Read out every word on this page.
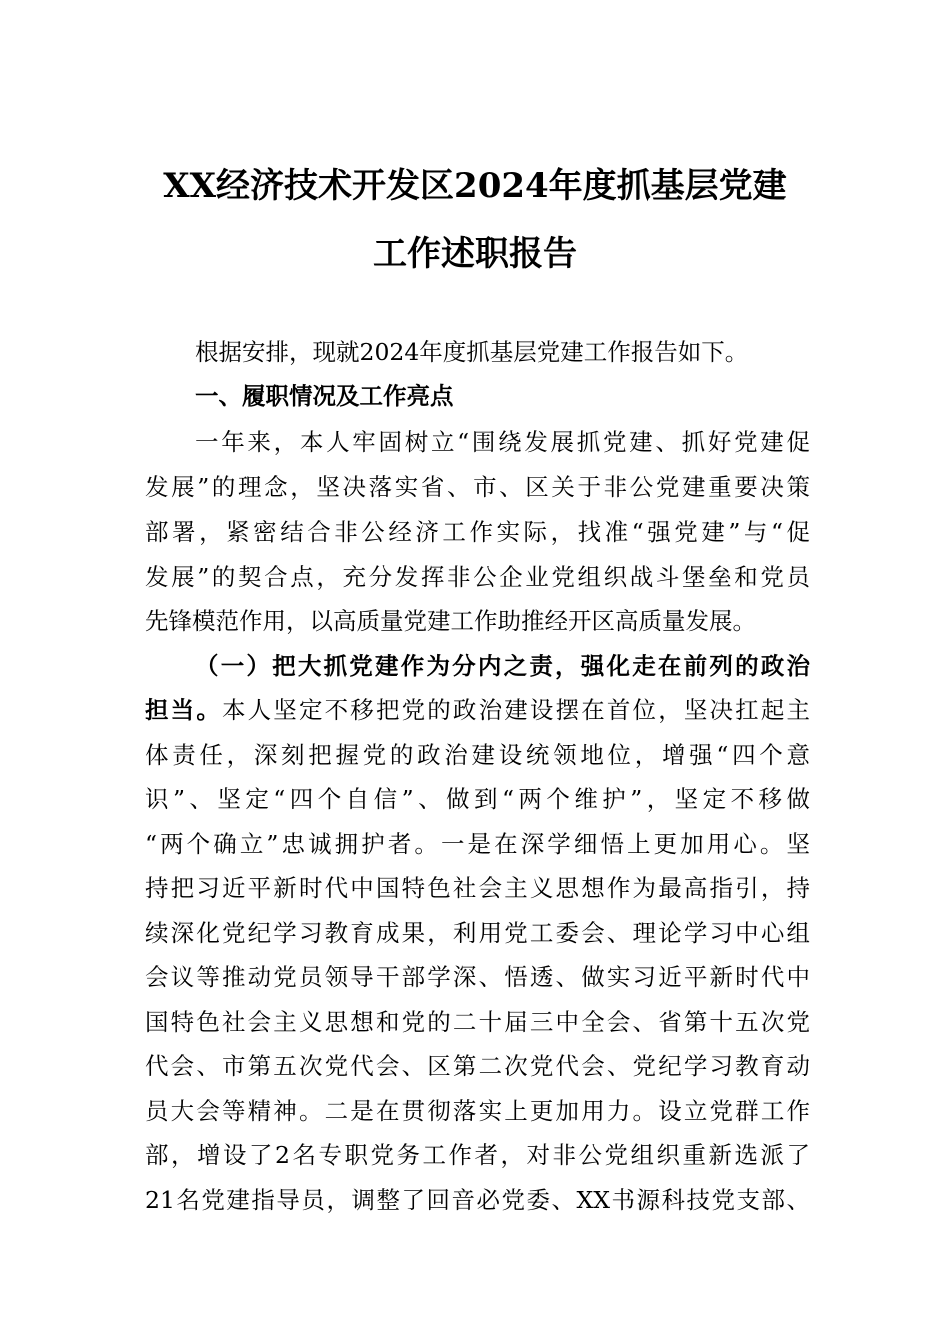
XX经济技术开发区2024年度抓基层党建
工作述职报告
根据安排，现就2024年度抓基层党建工作报告如下。
一、履职情况及工作亮点
一年来，本人牢固树立“围绕发展抓党建、抓好党建促
发展”的理念，坚决落实省、市、区关于非公党建重要决策
部署，紧密结合非公经济工作实际，找准“强党建”与“促
发展”的契合点，充分发挥非公企业党组织战斗堡垒和党员
先锋模范作用，以高质量党建工作助推经开区高质量发展。
（一）把大抓党建作为分内之责，强化走在前列的政治
担当。本人坚定不移把党的政治建设摆在首位，坚决扛起主
体责任，深刻把握党的政治建设统领地位，增强“四个意
识”、坚定“四个自信”、做到“两个维护”，坚定不移做
“两个确立”忠诚拥护者。一是在深学细悟上更加用心。坚
持把习近平新时代中国特色社会主义思想作为最高指引，持
续深化党纪学习教育成果，利用党工委会、理论学习中心组
会议等推动党员领导干部学深、悟透、做实习近平新时代中
国特色社会主义思想和党的二十届三中全会、省第十五次党
代会、市第五次党代会、区第二次党代会、党纪学习教育动
员大会等精神。二是在贯彻落实上更加用力。设立党群工作
部，增设了2名专职党务工作者，对非公党组织重新选派了
21名党建指导员，调整了回音必党委、XX书源科技党支部、
